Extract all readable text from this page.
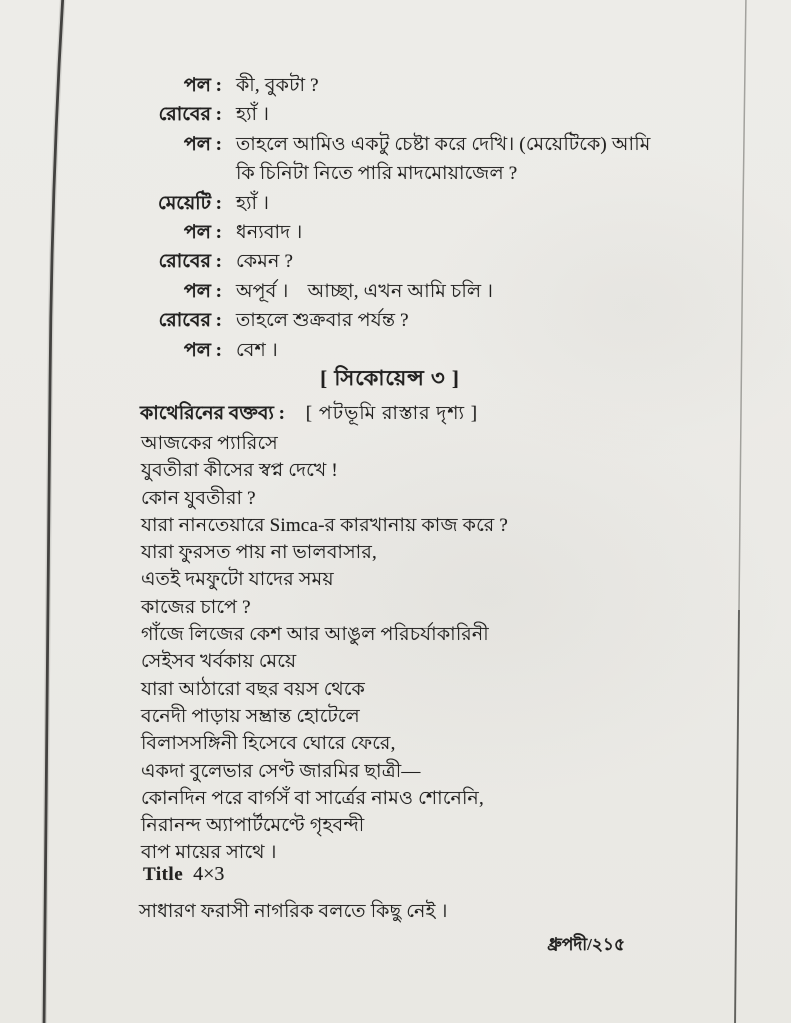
পল : কী, বুকটা ?
রোবের : হ্যাঁ ।
পল : তাহলে আমিও একটু চেষ্টা করে দেখি। (মেয়েটিকে) আমি
কি চিনিটা নিতে পারি মাদমোয়াজেল ?
মেয়েটি : হ্যাঁ ।
পল : ধন্যবাদ ।
রোবের : কেমন ?
পল : অপূর্ব । আচ্ছা, এখন আমি চলি ।
রোবের : তাহলে শুক্রবার পর্যন্ত ?
পল : বেশ ।
[ সিকোয়েন্স ৩ ]
কাথেরিনের বক্তব্য : [ পটভূমি রাস্তার দৃশ্য ]
আজকের প্যারিসে
যুবতীরা কীসের স্বপ্ন দেখে !
কোন যুবতীরা ?
যারা নানতেয়ারে Simca-র কারখানায় কাজ করে ?
যারা ফুরসত পায় না ভালবাসার,
এতই দমফুটো যাদের সময়
কাজের চাপে ?
গাঁজে লিজের কেশ আর আঙুল পরিচর্যাকারিনী
সেইসব খর্বকায় মেয়ে
যারা আঠারো বছর বয়স থেকে
বনেদী পাড়ায় সম্ভ্রান্ত হোটেলে
বিলাসসঙ্গিনী হিসেবে ঘোরে ফেরে,
একদা বুলেভার সেণ্ট জারমির ছাত্রী—
কোনদিন পরে বার্গসঁ বা সার্ত্রের নামও শোনেনি,
নিরানন্দ অ্যাপার্টমেণ্টে গৃহবন্দী
বাপ মায়ের সাথে ।
Title 4×3
সাধারণ ফরাসী নাগরিক বলতে কিছু নেই ।
ধ্রুপদী/২১৫
